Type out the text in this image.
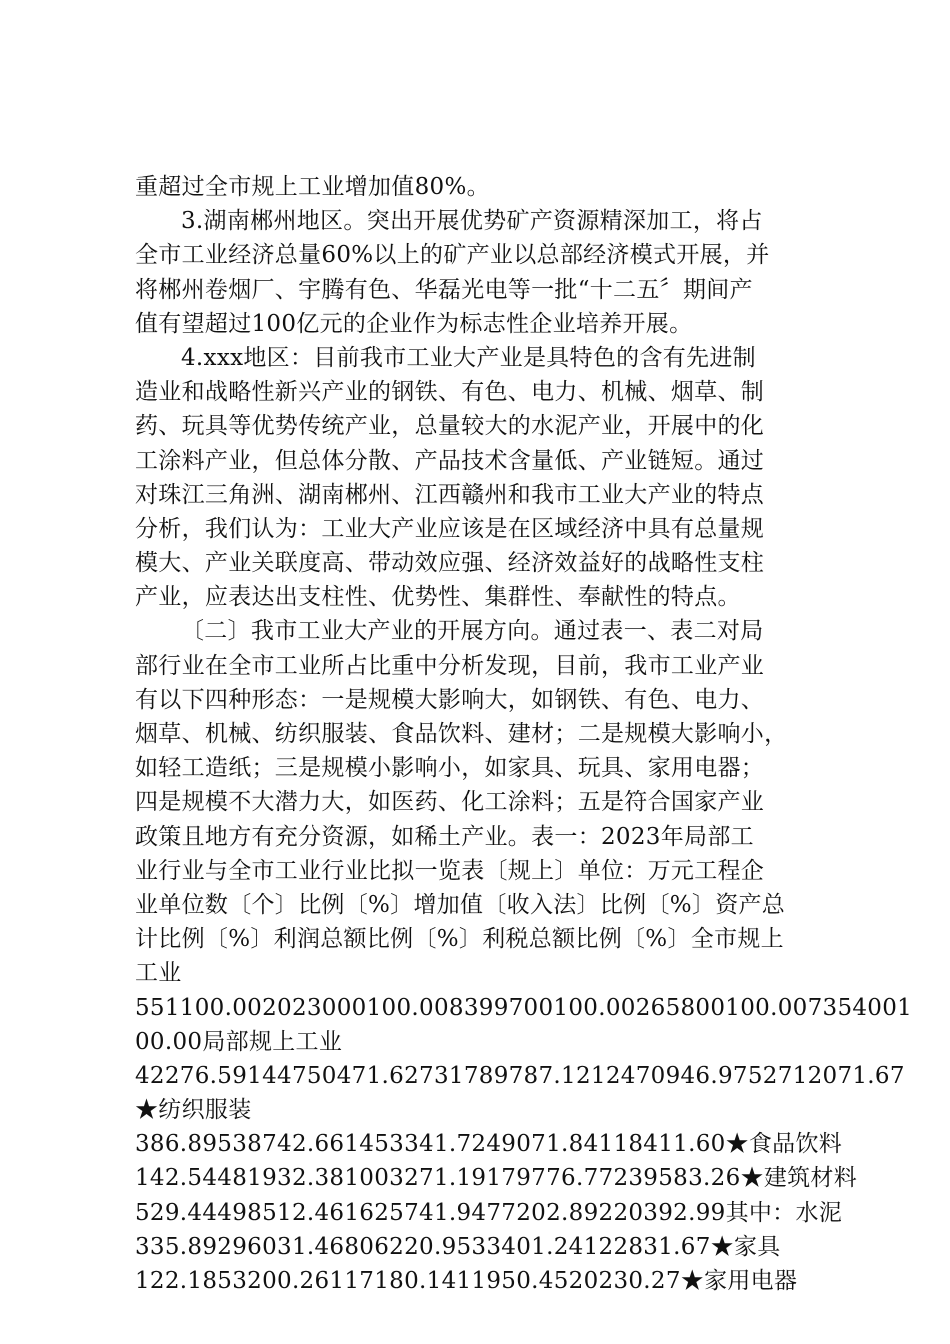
重超过全市规上工业增加值80%。
3.湖南郴州地区。突出开展优势矿产资源精深加工，将占
全市工业经济总量60%以上的矿产业以总部经济模式开展，并
将郴州卷烟厂、宇腾有色、华磊光电等一批“十二五〞期间产
值有望超过100亿元的企业作为标志性企业培养开展。
4.xxx地区：目前我市工业大产业是具特色的含有先进制
造业和战略性新兴产业的钢铁、有色、电力、机械、烟草、制
药、玩具等优势传统产业，总量较大的水泥产业，开展中的化
工涂料产业，但总体分散、产品技术含量低、产业链短。通过
对珠江三角洲、湖南郴州、江西赣州和我市工业大产业的特点
分析，我们认为：工业大产业应该是在区域经济中具有总量规
模大、产业关联度高、带动效应强、经济效益好的战略性支柱
产业，应表达出支柱性、优势性、集群性、奉献性的特点。
〔二〕我市工业大产业的开展方向。通过表一、表二对局
部行业在全市工业所占比重中分析发现，目前，我市工业产业
有以下四种形态：一是规模大影响大，如钢铁、有色、电力、
烟草、机械、纺织服装、食品饮料、建材；二是规模大影响小，
如轻工造纸；三是规模小影响小，如家具、玩具、家用电器；
四是规模不大潜力大，如医药、化工涂料；五是符合国家产业
政策且地方有充分资源，如稀土产业。表一：2023年局部工
业行业与全市工业行业比拟一览表〔规上〕单位：万元工程企
业单位数〔个〕比例〔%〕增加值〔收入法〕比例〔%〕资产总
计比例〔%〕利润总额比例〔%〕利税总额比例〔%〕全市规上
工业
551100.002023000100.008399700100.00265800100.007354001
00.00局部规上工业
42276.59144750471.62731789787.1212470946.9752712071.67
★纺织服装
386.89538742.661453341.7249071.84118411.60★食品饮料
142.54481932.381003271.19179776.77239583.26★建筑材料
529.44498512.461625741.9477202.89220392.99其中：水泥
335.89296031.46806220.9533401.24122831.67★家具
122.1853200.26117180.1411950.4520230.27★家用电器
